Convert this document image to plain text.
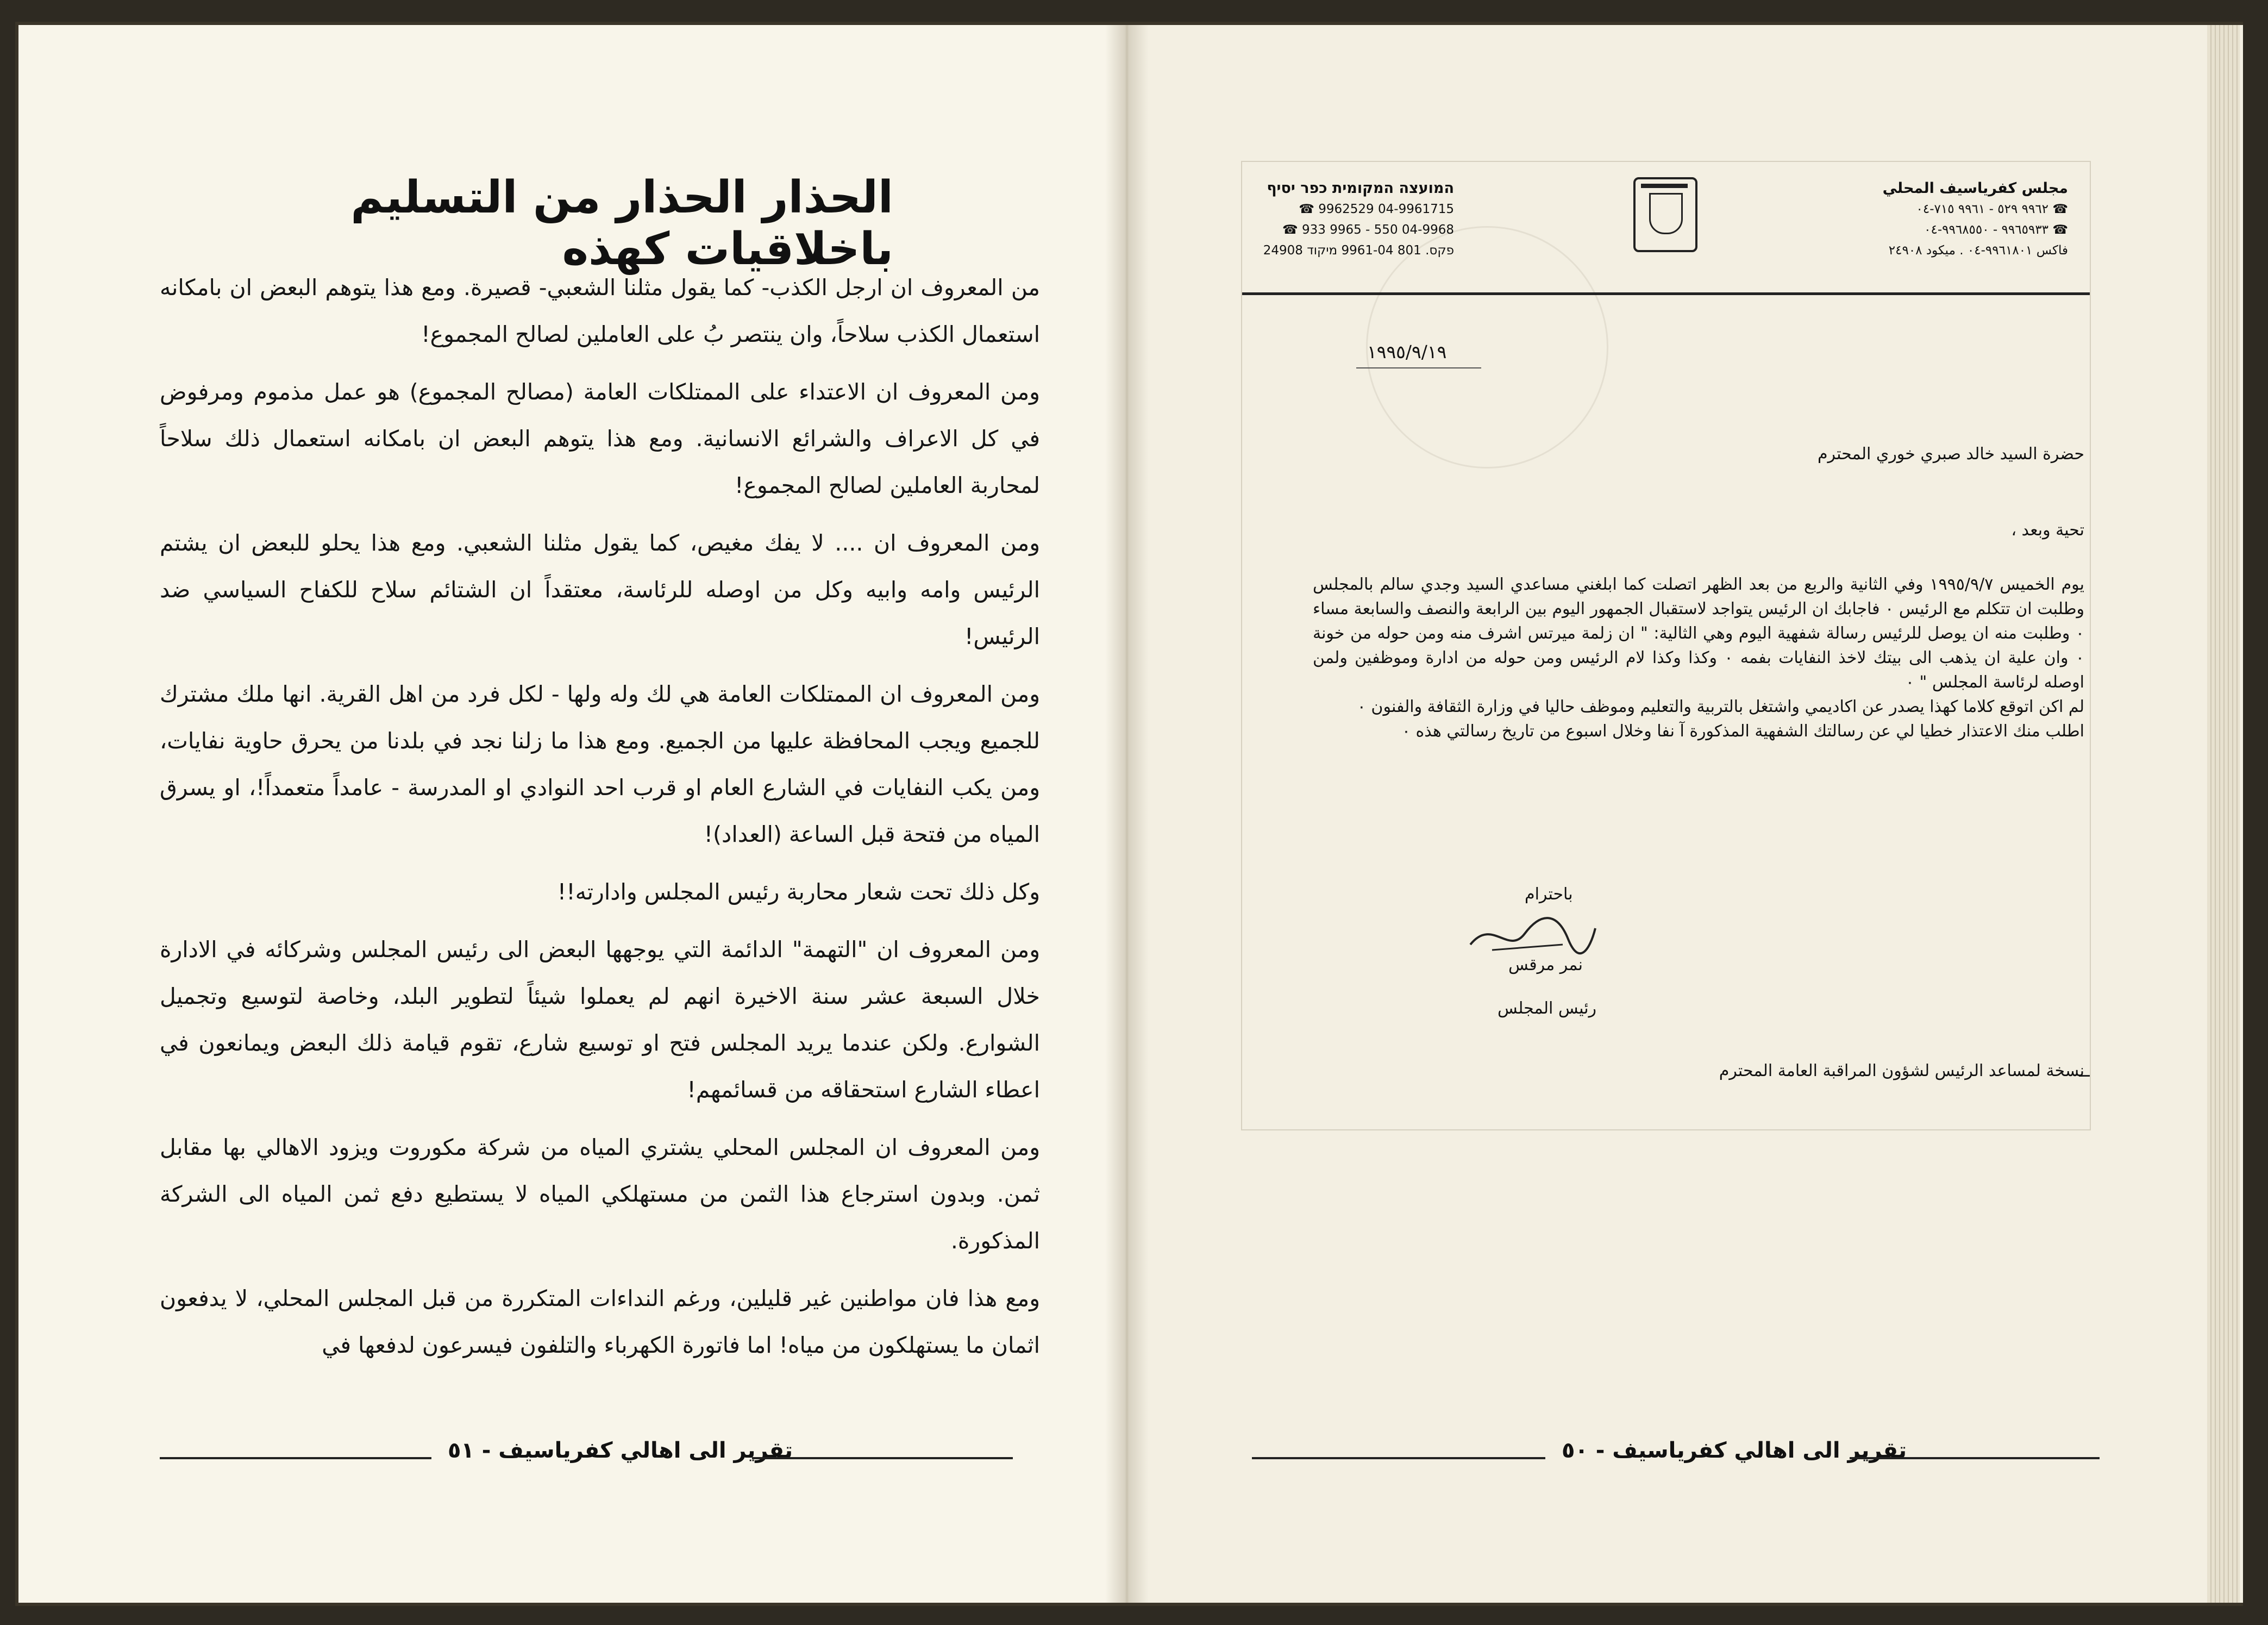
الحذار الحذار من التسليم باخلاقيات كهذه

من المعروف ان ارجل الكذب- كما يقول مثلنا الشعبي- قصيرة. ومع هذا يتوهم البعض ان بامكانه استعمال الكذب سلاحاً، وان ينتصر بُ على العاملين لصالح المجموع!

ومن المعروف ان الاعتداء على الممتلكات العامة (مصالح المجموع) هو عمل مذموم ومرفوض في كل الاعراف والشرائع الانسانية. ومع هذا يتوهم البعض ان بامكانه استعمال ذلك سلاحاً لمحاربة العاملين لصالح المجموع!

ومن المعروف ان .... لا يفك مغيص، كما يقول مثلنا الشعبي. ومع هذا يحلو للبعض ان يشتم الرئيس وامه وابيه وكل من اوصله للرئاسة، معتقداً ان الشتائم سلاح للكفاح السياسي ضد الرئيس!

ومن المعروف ان الممتلكات العامة هي لك وله ولها - لكل فرد من اهل القرية. انها ملك مشترك للجميع ويجب المحافظة عليها من الجميع. ومع هذا ما زلنا نجد في بلدنا من يحرق حاوية نفايات، ومن يكب النفايات في الشارع العام او قرب احد النوادي او المدرسة - عامداً متعمداً!، او يسرق المياه من فتحة قبل الساعة (العداد)!

وكل ذلك تحت شعار محاربة رئيس المجلس وادارته!!

ومن المعروف ان "التهمة" الدائمة التي يوجهها البعض الى رئيس المجلس وشركائه في الادارة خلال السبعة عشر سنة الاخيرة انهم لم يعملوا شيئاً لتطوير البلد، وخاصة لتوسيع وتجميل الشوارع. ولكن عندما يريد المجلس فتح او توسيع شارع، تقوم قيامة ذلك البعض ويمانعون في اعطاء الشارع استحقاقه من قسائمهم!

ومن المعروف ان المجلس المحلي يشتري المياه من شركة مكوروت ويزود الاهالي بها مقابل ثمن. وبدون استرجاع هذا الثمن من مستهلكي المياه لا يستطيع دفع ثمن المياه الى الشركة المذكورة.

ومع هذا فان مواطنين غير قليلين، ورغم النداءات المتكررة من قبل المجلس المحلي، لا يدفعون اثمان ما يستهلكون من مياه! اما فاتورة الكهرباء والتلفون فيسرعون لدفعها في

تقرير الى اهالي كفرياسيف - ٥١	تقرير الى اهالي كفرياسيف - ٥٠
המועצה המקומית כפר יסיף
04-9961715 9962529 ☎
04-9968 550 - 9965 933 ☎
פקס. 801 9961-04 מיקוד 24908
مجلس كفرياسيف المحلي
☎ ٩٩٦٢ ٥٢٩ - ٩٩٦١ ٧١٥-٠٤
☎ ٩٩٦٥٩٣٣ - ٩٩٦٨٥٥٠-٠٤
فاكس ٩٩٦١٨٠١-٠٤ . ميكود ٢٤٩٠٨
١٩٩٥/٩/١٩
حضرة السيد خالد صبري خوري المحترم
تحية وبعد ،

يوم الخميس ١٩٩٥/٩/٧ وفي الثانية والربع من بعد الظهر اتصلت كما ابلغني مساعدي السيد وجدي سالم بالمجلس وطلبت ان تتكلم مع الرئيس ٠ فاجابك ان الرئيس يتواجد لاستقبال الجمهور اليوم بين الرابعة والنصف والسابعة مساء ٠ وطلبت منه ان يوصل للرئيس رسالة شفهية اليوم وهي الثالية: " ان زلمة ميرتس اشرف منه ومن حوله من خونة ٠ وان علية ان يذهب الى بيتك لاخذ النفايات بفمه ٠ وكذا وكذا لام الرئيس ومن حوله من ادارة وموظفين ولمن اوصله لرئاسة المجلس " ٠

لم اكن اتوقع كلاما كهذا يصدر عن اكاديمي واشتغل بالتربية والتعليم وموظف حاليا في وزارة الثقافة والفنون ٠

اطلب منك الاعتذار خطيا لي عن رسالتك الشفهية المذكورة آ نفا وخلال اسبوع من تاريخ رسالتي هذه ٠

باحترام
نمر مرقس
رئيس المجلس
نسخة لمساعد الرئيس لشؤون المراقبة العامة المحترم
